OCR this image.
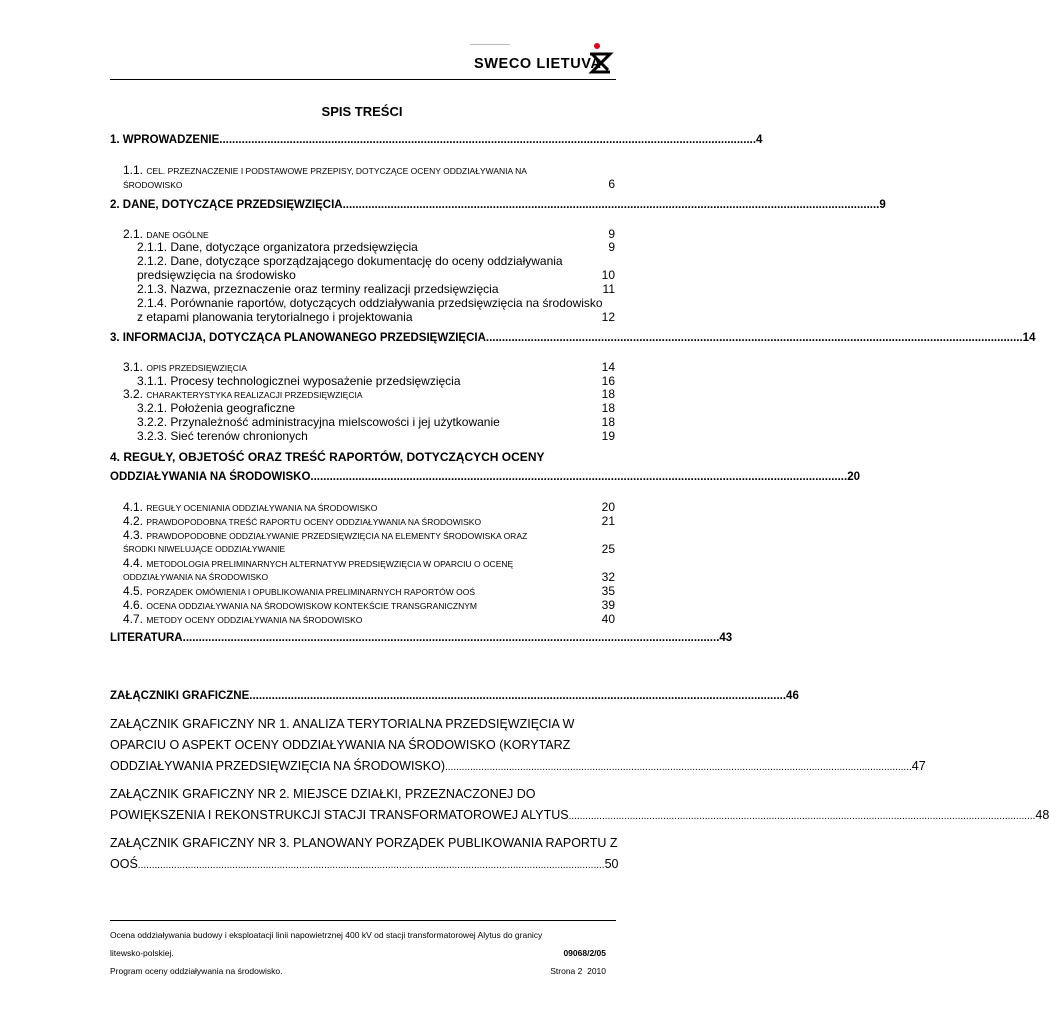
SWECO LIETUVA
SPIS TREŚCI
1. WPROWADZENIE ........................................................................................................................................................................ 4
1.1. CEL. PRZEZNACZENIE I PODSTAWOWE PRZEPISY, DOTYCZĄCE OCENY ODDZIAŁYWANIA NA
ŚRODOWISKO	6
2. DANE, DOTYCZĄCE PRZEDSIĘWZIĘCIA ........................................................................................................................................................................ 9
2.1. DANE OGÓLNE	9
2.1.1. Dane, dotyczące organizatora przedsięwzięcia	9
2.1.2. Dane, dotyczące sporządzającego dokumentację do oceny oddziaływania
predsięwzięcia na środowisko	10
2.1.3. Nazwa, przeznaczenie oraz terminy realizacji przedsięwzięcia	11
2.1.4. Porównanie raportów, dotyczących oddziaływania przedsięwzięcia na środowisko
z etapami planowania terytorialnego i projektowania	12
3. INFORMACIJA, DOTYCZĄCA PLANOWANEGO PRZEDSIĘWZIĘCIA ........................................................................................................................................................................ 14
3.1. OPIS PRZEDSIĘWZIĘCIA	14
3.1.1. Procesy technologicznei wyposażenie przedsięwzięcia	16
3.2. CHARAKTERYSTYKA REALIZACJI PRZEDSIĘWZIĘCIA	18
3.2.1. Położenia geograficzne	18
3.2.2. Przynależność administracyjna mielscowości i jej użytkowanie	18
3.2.3. Sieć terenów chronionych	19
4. REGUŁY, OBJETOŚĆ ORAZ TREŚĆ RAPORTÓW, DOTYCZĄCYCH OCENY
ODDZIAŁYWANIA NA ŚRODOWISKO ........................................................................................................................................................................ 20
4.1. REGUŁY OCENIANIA ODDZIAŁYWANIA NA ŚRODOWISKO	20
4.2. PRAWDOPODOBNA TREŚĆ RAPORTU OCENY ODDZIAŁYWANIA NA ŚRODOWISKO	21
4.3. PRAWDOPODOBNE ODDZIAŁYWANIE PRZEDSIĘWZIĘCIA NA ELEMENTY ŚRODOWISKA ORAZ
ŚRODKI NIWELUJĄCE ODDZIAŁYWANIE	25
4.4. METODOLOGIA PRELIMINARNYCH ALTERNATYW PREDSIĘWZIĘCIA W OPARCIU O OCENĘ
ODDZIAŁYWANIA NA ŚRODOWISKO	32
4.5. PORZĄDEK OMÓWIENIA I OPUBLIKOWANIA PRELIMINARNYCH RAPORTÓW OOŚ	35
4.6. OCENA ODDZIAŁYWANIA NA ŚRODOWISKOW KONTEKŚCIE TRANSGRANICZNYM	39
4.7. METODY OCENY ODDZIAŁYWANIA NA ŚRODOWISKO	40
LITERATURA ........................................................................................................................................................................ 43
ZAŁĄCZNIKI GRAFICZNE ........................................................................................................................................................................ 46
ZAŁĄCZNIK GRAFICZNY NR 1. ANALIZA TERYTORIALNA PRZEDSIĘWZIĘCIA W
OPARCIU O ASPEKT OCENY ODDZIAŁYWANIA NA ŚRODOWISKO (KORYTARZ
ODDZIAŁYWANIA PRZEDSIĘWZIĘCIA NA ŚRODOWISKO) ........................................................................................................................................................................ 47
ZAŁĄCZNIK GRAFICZNY NR 2. MIEJSCE DZIAŁKI, PRZEZNACZONEJ DO
POWIĘKSZENIA I REKONSTRUKCJI STACJI TRANSFORMATOROWEJ ALYTUS ........................................................................................................................................................................ 48
ZAŁĄCZNIK GRAFICZNY NR 3. PLANOWANY PORZĄDEK PUBLIKOWANIA RAPORTU Z
OOŚ ........................................................................................................................................................................ 50
Ocena oddziaływania budowy i eksploatacji linii napowietrznej 400 kV od stacji transformatorowej Alytus do granicy
litewsko-polskiej.	09068/2/05
Program oceny oddziaływania na środowisko.	Strona 2  2010
